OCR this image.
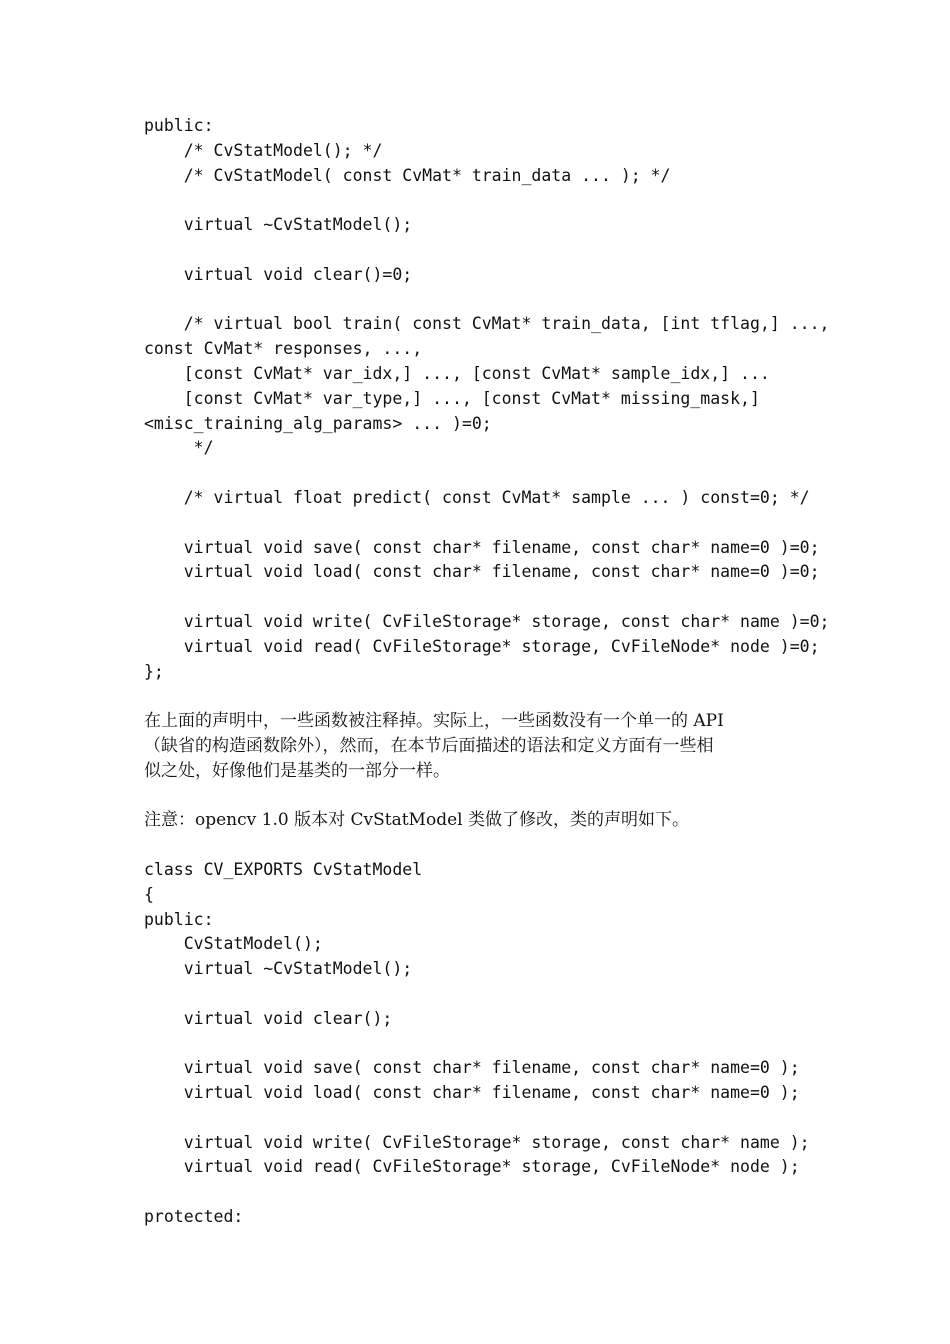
public:
/* CvStatModel(); */
/* CvStatModel( const CvMat* train_data ... ); */
virtual ~CvStatModel();
virtual void clear()=0;
/* virtual bool train( const CvMat* train_data, [int tflag,] ...,
const CvMat* responses, ...,
[const CvMat* var_idx,] ..., [const CvMat* sample_idx,] ...
[const CvMat* var_type,] ..., [const CvMat* missing_mask,]
<misc_training_alg_params> ... )=0;
*/
/* virtual float predict( const CvMat* sample ... ) const=0; */
virtual void save( const char* filename, const char* name=0 )=0;
virtual void load( const char* filename, const char* name=0 )=0;
virtual void write( CvFileStorage* storage, const char* name )=0;
virtual void read( CvFileStorage* storage, CvFileNode* node )=0;
};
在上面的声明中，一些函数被注释掉。实际上，一些函数没有一个单一的 API
（缺省的构造函数除外），然而，在本节后面描述的语法和定义方面有一些相
似之处，好像他们是基类的一部分一样。
注意：opencv 1.0 版本对 CvStatModel 类做了修改，类的声明如下。
class CV_EXPORTS CvStatModel
{
public:
CvStatModel();
virtual ~CvStatModel();
virtual void clear();
virtual void save( const char* filename, const char* name=0 );
virtual void load( const char* filename, const char* name=0 );
virtual void write( CvFileStorage* storage, const char* name );
virtual void read( CvFileStorage* storage, CvFileNode* node );
protected:
